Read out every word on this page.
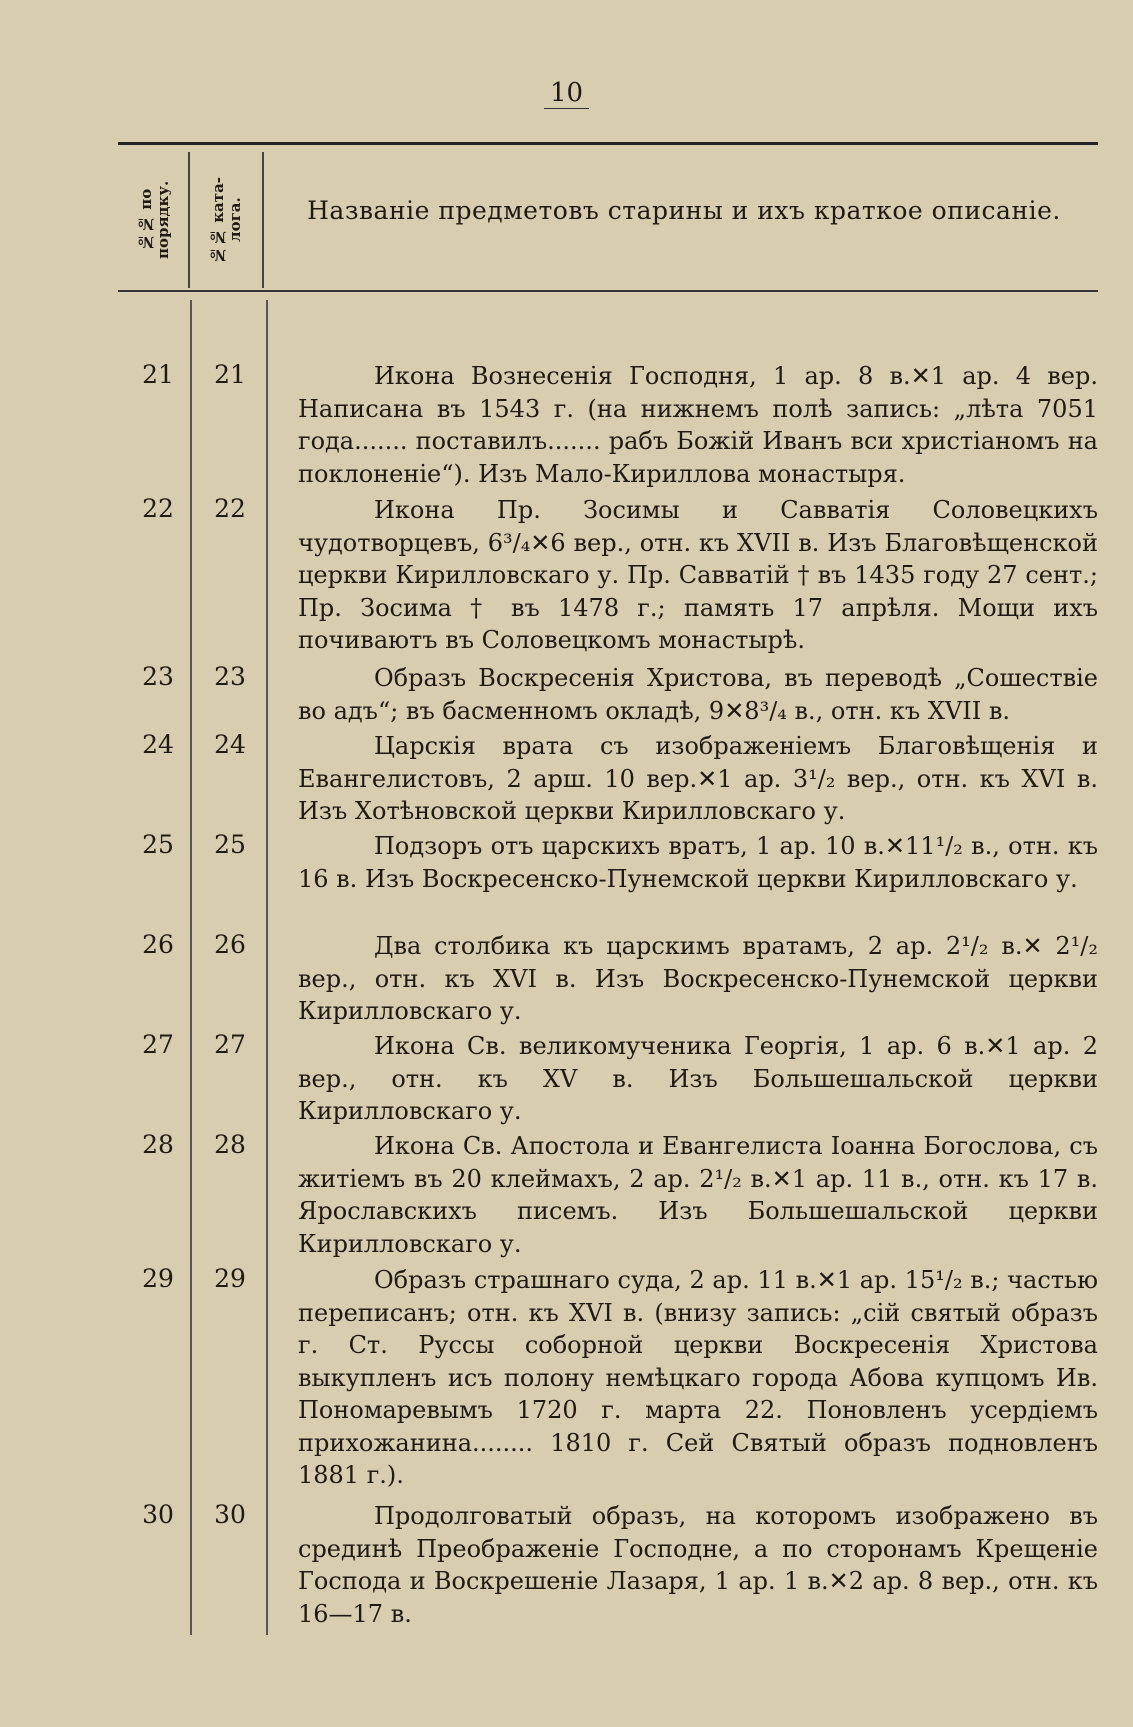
10
№№ по порядку.	№№ ката-лога.	Названіе предметовъ старины и ихъ краткое описаніе.
21	21	Икона Вознесенія Господня, 1 ар. 8 в.✕1 ар. 4 вер. Написана въ 1543 г. (на нижнемъ полѣ запись: „лѣта 7051 года....... поставилъ....... рабъ Божій Иванъ вси христіаномъ на поклоненіе“). Изъ Мало-Кириллова монастыря.
22	22	Икона Пр. Зосимы и Савватія Соловецкихъ чудотворцевъ, 6³/₄✕6 вер., отн. къ XVII в. Изъ Благовѣщенской церкви Кирилловскаго у. Пр. Савватій † въ 1435 году 27 сент.; Пр. Зосима † въ 1478 г.; память 17 апрѣля. Мощи ихъ почиваютъ въ Соловецкомъ монастырѣ.
23	23	Образъ Воскресенія Христова, въ переводѣ „Сошествіе во адъ“; въ басменномъ окладѣ, 9✕8³/₄ в., отн. къ XVII в.
24	24	Царскія врата съ изображеніемъ Благовѣщенія и Евангелистовъ, 2 арш. 10 вер.✕1 ар. 3¹/₂ вер., отн. къ XVI в. Изъ Хотѣновской церкви Кирилловскаго у.
25	25	Подзоръ отъ царскихъ вратъ, 1 ар. 10 в.✕11¹/₂ в., отн. къ 16 в. Изъ Воскресенско-Пунемской церкви Кирилловскаго у.
26	26	Два столбика къ царскимъ вратамъ, 2 ар. 2¹/₂ в.✕ 2¹/₂ вер., отн. къ XVI в. Изъ Воскресенско-Пунемской церкви Кирилловскаго у.
27	27	Икона Св. великомученика Георгія, 1 ар. 6 в.✕1 ар. 2 вер., отн. къ XV в. Изъ Большешальской церкви Кирилловскаго у.
28	28	Икона Св. Апостола и Евангелиста Іоанна Богослова, съ житіемъ въ 20 клеймахъ, 2 ар. 2¹/₂ в.✕1 ар. 11 в., отн. къ 17 в. Ярославскихъ писемъ. Изъ Большешальской церкви Кирилловскаго у.
29	29	Образъ страшнаго суда, 2 ар. 11 в.✕1 ар. 15¹/₂ в.; частью переписанъ; отн. къ XVI в. (внизу запись: „сій святый образъ г. Ст. Руссы соборной церкви Воскресенія Христова выкупленъ исъ полону немѣцкаго города Абова купцомъ Ив. Пономаревымъ 1720 г. марта 22. Поновленъ усердіемъ прихожанина........ 1810 г. Сей Святый образъ подновленъ 1881 г.).
30	30	Продолговатый образъ, на которомъ изображено въ срединѣ Преображеніе Господне, а по сторонамъ Крещеніе Господа и Воскрешеніе Лазаря, 1 ар. 1 в.✕2 ар. 8 вер., отн. къ 16—17 в.
